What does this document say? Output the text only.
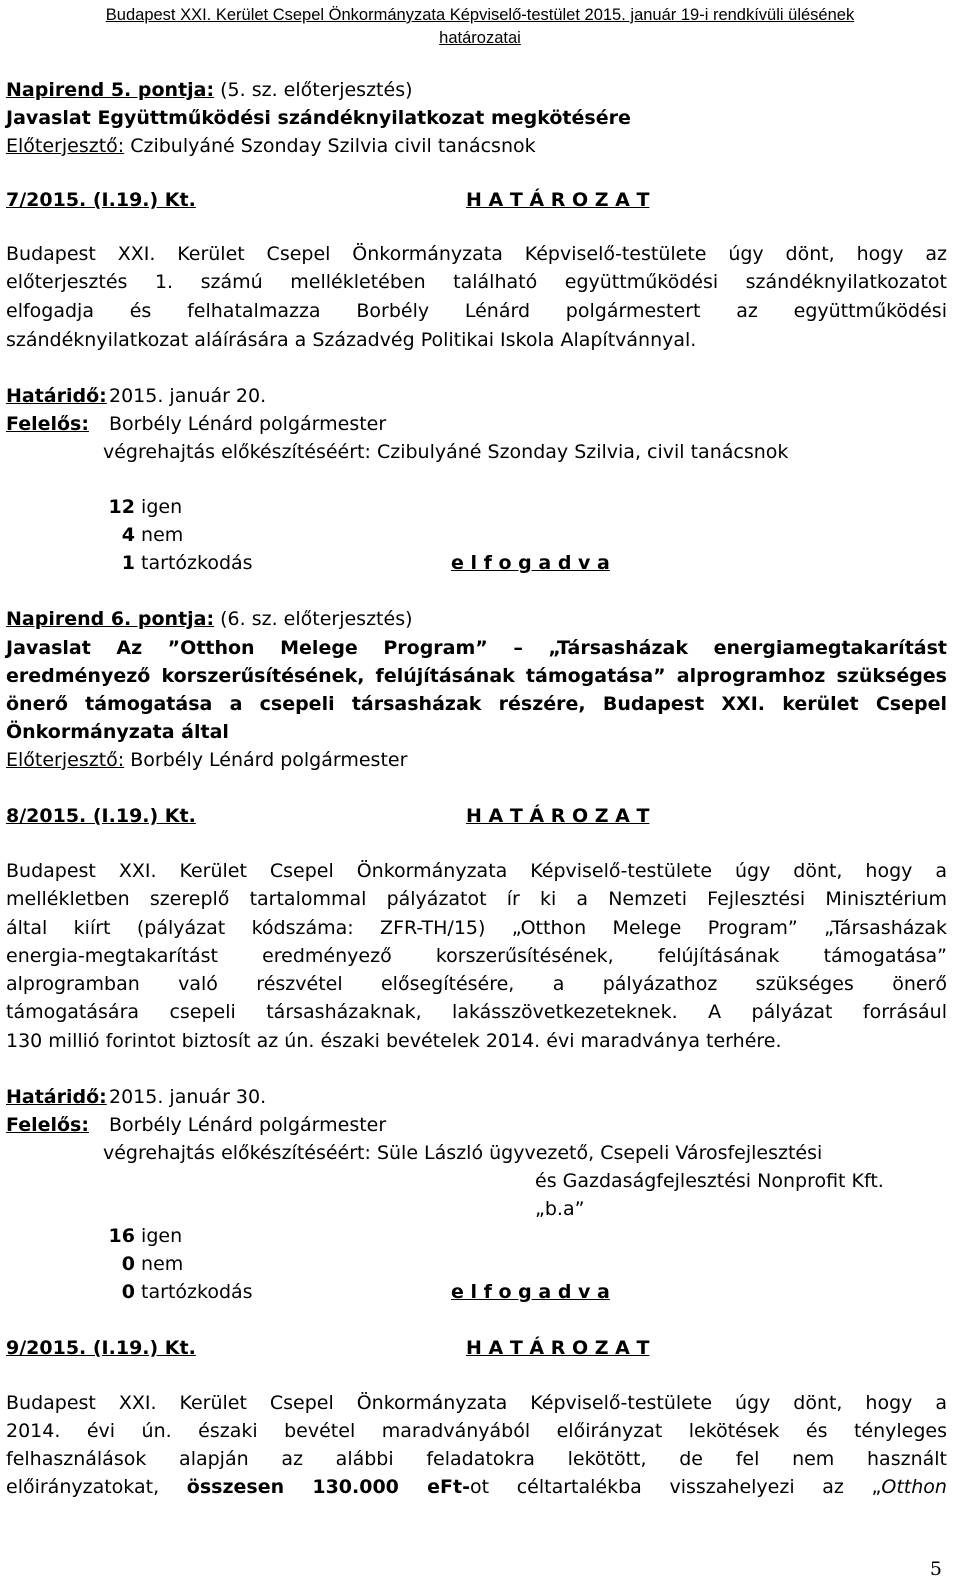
Budapest XXI. Kerület Csepel Önkormányzata Képviselő-testület 2015. január 19-i rendkívüli ülésének
határozatai
Napirend 5. pontja: (5. sz. előterjesztés)
Javaslat Együttműködési szándéknyilatkozat megkötésére
Előterjesztő: Czibulyáné Szonday Szilvia civil tanácsnok
7/2015. (I.19.) Kt.	H A T Á R O Z A T
Budapest XXI. Kerület Csepel Önkormányzata Képviselő-testülete úgy dönt, hogy az
előterjesztés 1. számú mellékletében található együttműködési szándéknyilatkozatot
elfogadja és felhatalmazza Borbély Lénárd polgármestert az együttműködési
szándéknyilatkozat aláírására a Századvég Politikai Iskola Alapítvánnyal.
Határidő: 2015. január 20.
Felelős: Borbély Lénárd polgármester
végrehajtás előkészítéséért: Czibulyáné Szonday Szilvia, civil tanácsnok
12 igen
4 nem
1 tartózkodás	e l f o g a d v a
Napirend 6. pontja: (6. sz. előterjesztés)
Javaslat Az ”Otthon Melege Program” – „Társasházak energiamegtakarítást
eredményező korszerűsítésének, felújításának támogatása” alprogramhoz szükséges
önerő támogatása a csepeli társasházak részére, Budapest XXI. kerület Csepel
Önkormányzata által
Előterjesztő: Borbély Lénárd polgármester
8/2015. (I.19.) Kt.	H A T Á R O Z A T
Budapest XXI. Kerület Csepel Önkormányzata Képviselő-testülete úgy dönt, hogy a
mellékletben szereplő tartalommal pályázatot ír ki a Nemzeti Fejlesztési Minisztérium
által kiírt (pályázat kódszáma: ZFR-TH/15) „Otthon Melege Program” „Társasházak
energia-megtakarítást eredményező korszerűsítésének, felújításának támogatása”
alprogramban való részvétel elősegítésére, a pályázathoz szükséges önerő
támogatására csepeli társasházaknak, lakásszövetkezeteknek. A pályázat forrásául
130 millió forintot biztosít az ún. északi bevételek 2014. évi maradványa terhére.
Határidő: 2015. január 30.
Felelős: Borbély Lénárd polgármester
végrehajtás előkészítéséért: Süle László ügyvezető, Csepeli Városfejlesztési
és Gazdaságfejlesztési Nonprofit Kft.
„b.a”
16 igen
0 nem
0 tartózkodás	e l f o g a d v a
9/2015. (I.19.) Kt.	H A T Á R O Z A T
Budapest XXI. Kerület Csepel Önkormányzata Képviselő-testülete úgy dönt, hogy a
2014. évi ún. északi bevétel maradványából előirányzat lekötések és tényleges
felhasználások alapján az alábbi feladatokra lekötött, de fel nem használt
előirányzatokat, összesen 130.000 eFt-ot céltartalékba visszahelyezi az „Otthon
5
